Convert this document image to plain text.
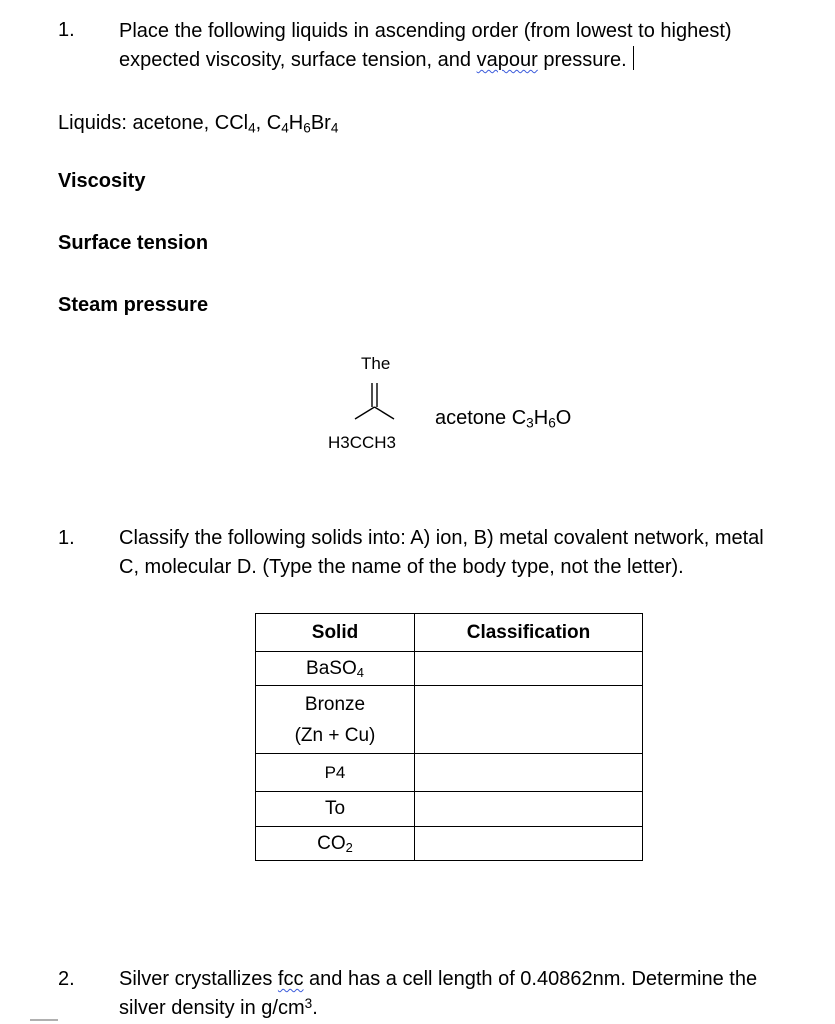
1. Place the following liquids in ascending order (from lowest to highest)
expected viscosity, surface tension, and vapour pressure.
Liquids: acetone, CCl$_4$, $C_4H_6Br_4$
Viscosity
Surface tension
Steam pressure
The
H3CCH3
acetone $C_3H_6O$
1. Classify the following solids into: A) ion, B) metal covalent network, metal
C, molecular D. (Type the name of the body type, not the letter).
Solid	Classification
BaSO$_4$	

Bronze
(Zn + Cu)	

P4	
To	
$CO_2$	
2. Silver crystallizes fcc and has a cell length of 0.40862nm. Determine the
silver density in $g/cm^3$.
